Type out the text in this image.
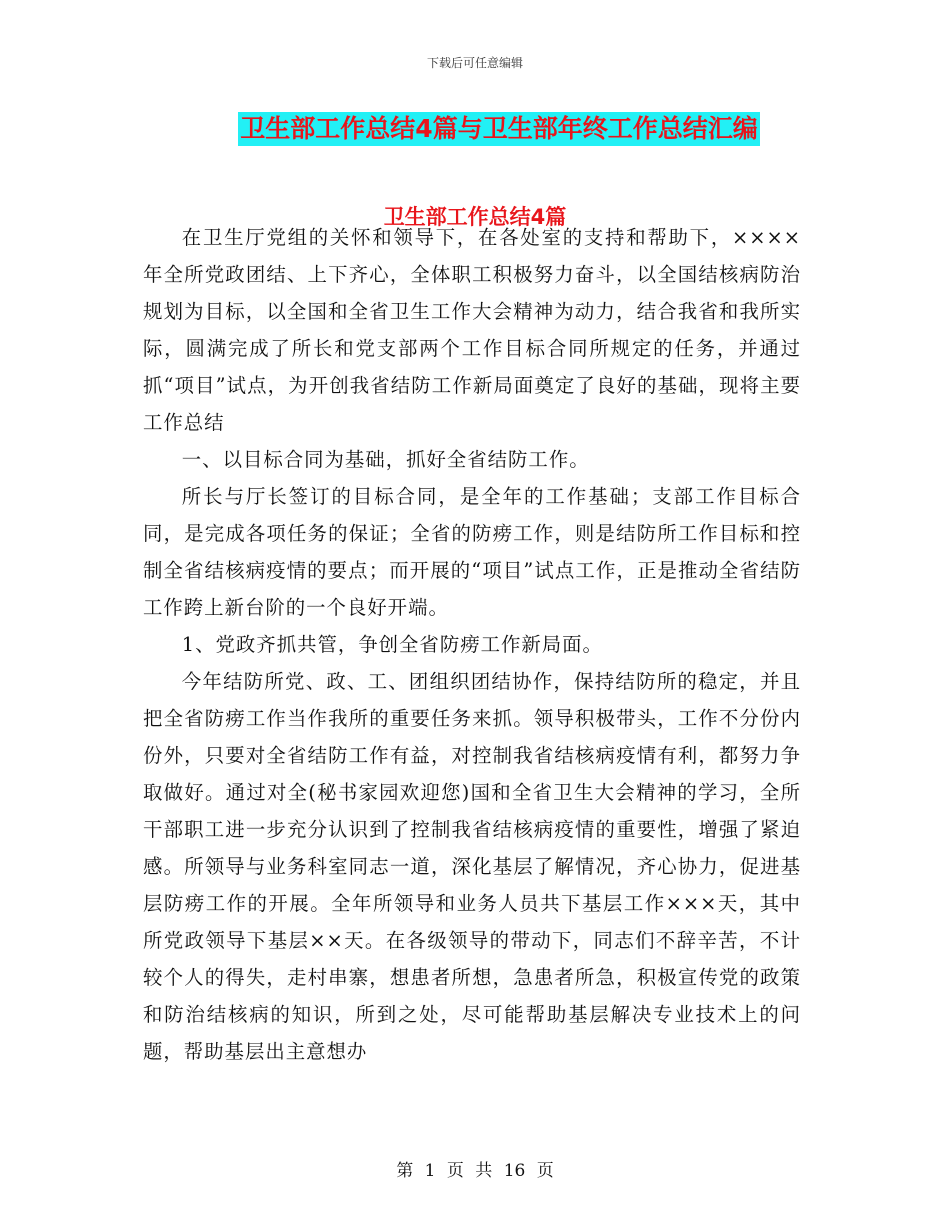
下载后可任意编辑
卫生部工作总结4篇与卫生部年终工作总结汇编
卫生部工作总结4篇

在卫生厅党组的关怀和领导下，在各处室的支持和帮助下，××××年全所党政团结、上下齐心，全体职工积极努力奋斗，以全国结核病防治规划为目标，以全国和全省卫生工作大会精神为动力，结合我省和我所实际，圆满完成了所长和党支部两个工作目标合同所规定的任务，并通过抓“项目”试点，为开创我省结防工作新局面奠定了良好的基础，现将主要工作总结

一、以目标合同为基础，抓好全省结防工作。

所长与厅长签订的目标合同，是全年的工作基础；支部工作目标合同，是完成各项任务的保证；全省的防痨工作，则是结防所工作目标和控制全省结核病疫情的要点；而开展的“项目”试点工作，正是推动全省结防工作跨上新台阶的一个良好开端。

1、党政齐抓共管，争创全省防痨工作新局面。

今年结防所党、政、工、团组织团结协作，保持结防所的稳定，并且把全省防痨工作当作我所的重要任务来抓。领导积极带头，工作不分份内份外，只要对全省结防工作有益，对控制我省结核病疫情有利，都努力争取做好。通过对全(秘书家园欢迎您)国和全省卫生大会精神的学习，全所干部职工进一步充分认识到了控制我省结核病疫情的重要性，增强了紧迫感。所领导与业务科室同志一道，深化基层了解情况，齐心协力，促进基层防痨工作的开展。全年所领导和业务人员共下基层工作×××天，其中所党政领导下基层××天。在各级领导的带动下，同志们不辞辛苦，不计较个人的得失，走村串寨，想患者所想，急患者所急，积极宣传党的政策和防治结核病的知识，所到之处，尽可能帮助基层解决专业技术上的问题，帮助基层出主意想办

第 1 页 共 16 页
